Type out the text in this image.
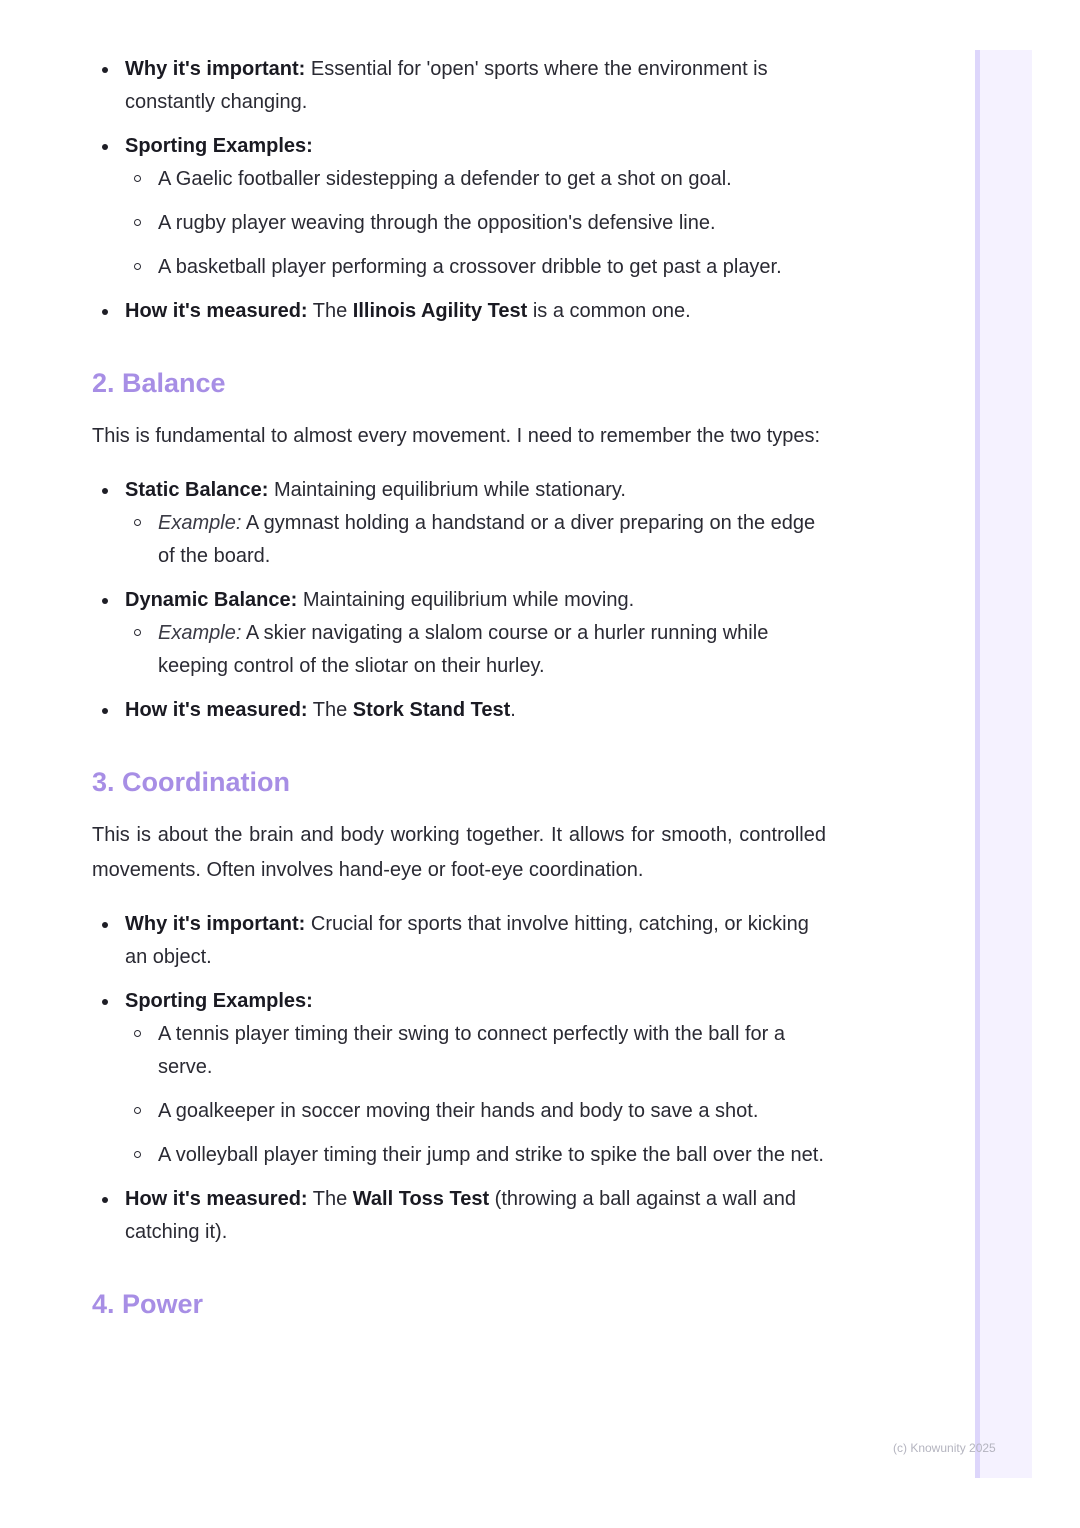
Why it's important: Essential for 'open' sports where the environment is constantly changing.
Sporting Examples:
A Gaelic footballer sidestepping a defender to get a shot on goal.
A rugby player weaving through the opposition's defensive line.
A basketball player performing a crossover dribble to get past a player.
How it's measured: The Illinois Agility Test is a common one.
2. Balance

This is fundamental to almost every movement. I need to remember the two types:

Static Balance: Maintaining equilibrium while stationary.
Example: A gymnast holding a handstand or a diver preparing on the edge of the board.
Dynamic Balance: Maintaining equilibrium while moving.
Example: A skier navigating a slalom course or a hurler running while keeping control of the sliotar on their hurley.
How it's measured: The Stork Stand Test.
3. Coordination

This is about the brain and body working together. It allows for smooth, controlled movements. Often involves hand-eye or foot-eye coordination.

Why it's important: Crucial for sports that involve hitting, catching, or kicking an object.
Sporting Examples:
A tennis player timing their swing to connect perfectly with the ball for a serve.
A goalkeeper in soccer moving their hands and body to save a shot.
A volleyball player timing their jump and strike to spike the ball over the net.
How it's measured: The Wall Toss Test (throwing a ball against a wall and catching it).
4. Power
(c) Knowunity 2025
